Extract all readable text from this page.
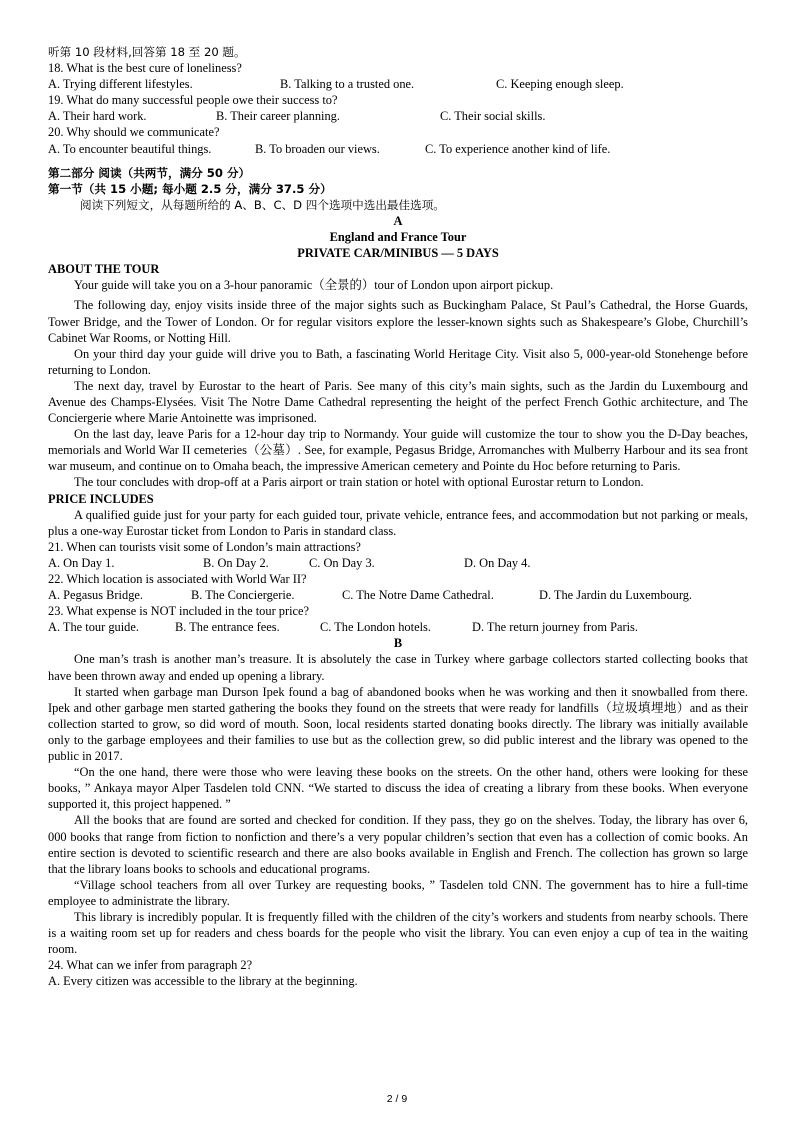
听第 10 段材料,回答第 18 至 20 题。
18. What is the best cure of loneliness?
A. Trying different lifestyles.	B. Talking to a trusted one.	C. Keeping enough sleep.
19. What do many successful people owe their success to?
A. Their hard work.	B. Their career planning.	C. Their social skills.
20. Why should we communicate?
A. To encounter beautiful things.	B. To broaden our views.	C. To experience another kind of life.
第二部分 阅读（共两节，满分 50 分）
第一节（共 15 小题; 每小题 2.5 分，满分 37.5 分）
阅读下列短文，从每题所给的 A、B、C、D 四个选项中选出最佳选项。
A
England and France Tour
PRIVATE CAR/MINIBUS — 5 DAYS
ABOUT THE TOUR
Your guide will take you on a 3-hour panoramic（全景的）tour of London upon airport pickup.
The following day, enjoy visits inside three of the major sights such as Buckingham Palace, St Paul’s Cathedral, the Horse Guards, Tower Bridge, and the Tower of London. Or for regular visitors explore the lesser-known sights such as Shakespeare’s Globe, Churchill’s Cabinet War Rooms, or Notting Hill.
On your third day your guide will drive you to Bath, a fascinating World Heritage City. Visit also 5, 000-year-old Stonehenge before returning to London.
The next day, travel by Eurostar to the heart of Paris. See many of this city’s main sights, such as the Jardin du Luxembourg and Avenue des Champs-Elysées. Visit The Notre Dame Cathedral representing the height of the perfect French Gothic architecture, and The Conciergerie where Marie Antoinette was imprisoned.
On the last day, leave Paris for a 12-hour day trip to Normandy. Your guide will customize the tour to show you the D-Day beaches, memorials and World War II cemeteries（公墓）. See, for example, Pegasus Bridge, Arromanches with Mulberry Harbour and its sea front war museum, and continue on to Omaha beach, the impressive American cemetery and Pointe du Hoc before returning to Paris.
The tour concludes with drop-off at a Paris airport or train station or hotel with optional Eurostar return to London.
PRICE INCLUDES
A qualified guide just for your party for each guided tour, private vehicle, entrance fees, and accommodation but not parking or meals, plus a one-way Eurostar ticket from London to Paris in standard class.
21. When can tourists visit some of London’s main attractions?
A. On Day 1.	B. On Day 2.	C. On Day 3.	D. On Day 4.
22. Which location is associated with World War II?
A. Pegasus Bridge.	B. The Conciergerie.	C. The Notre Dame Cathedral.	D. The Jardin du Luxembourg.
23. What expense is NOT included in the tour price?
A. The tour guide.	B. The entrance fees.	C. The London hotels.	D. The return journey from Paris.
B
One man’s trash is another man’s treasure. It is absolutely the case in Turkey where garbage collectors started collecting books that have been thrown away and ended up opening a library.
It started when garbage man Durson Ipek found a bag of abandoned books when he was working and then it snowballed from there. Ipek and other garbage men started gathering the books they found on the streets that were ready for landfills（垃圾填埋地）and as their collection started to grow, so did word of mouth. Soon, local residents started donating books directly. The library was initially available only to the garbage employees and their families to use but as the collection grew, so did public interest and the library was opened to the public in 2017.
“On the one hand, there were those who were leaving these books on the streets. On the other hand, others were looking for these books, ” Ankaya mayor Alper Tasdelen told CNN. “We started to discuss the idea of creating a library from these books. When everyone supported it, this project happened. ”
All the books that are found are sorted and checked for condition. If they pass, they go on the shelves. Today, the library has over 6, 000 books that range from fiction to nonfiction and there’s a very popular children’s section that even has a collection of comic books. An entire section is devoted to scientific research and there are also books available in English and French. The collection has grown so large that the library loans books to schools and educational programs.
“Village school teachers from all over Turkey are requesting books, ” Tasdelen told CNN. The government has to hire a full-time employee to administrate the library.
This library is incredibly popular. It is frequently filled with the children of the city’s workers and students from nearby schools. There is a waiting room set up for readers and chess boards for the people who visit the library. You can even enjoy a cup of tea in the waiting room.
24. What can we infer from paragraph 2?
A. Every citizen was accessible to the library at the beginning.
2 / 9
